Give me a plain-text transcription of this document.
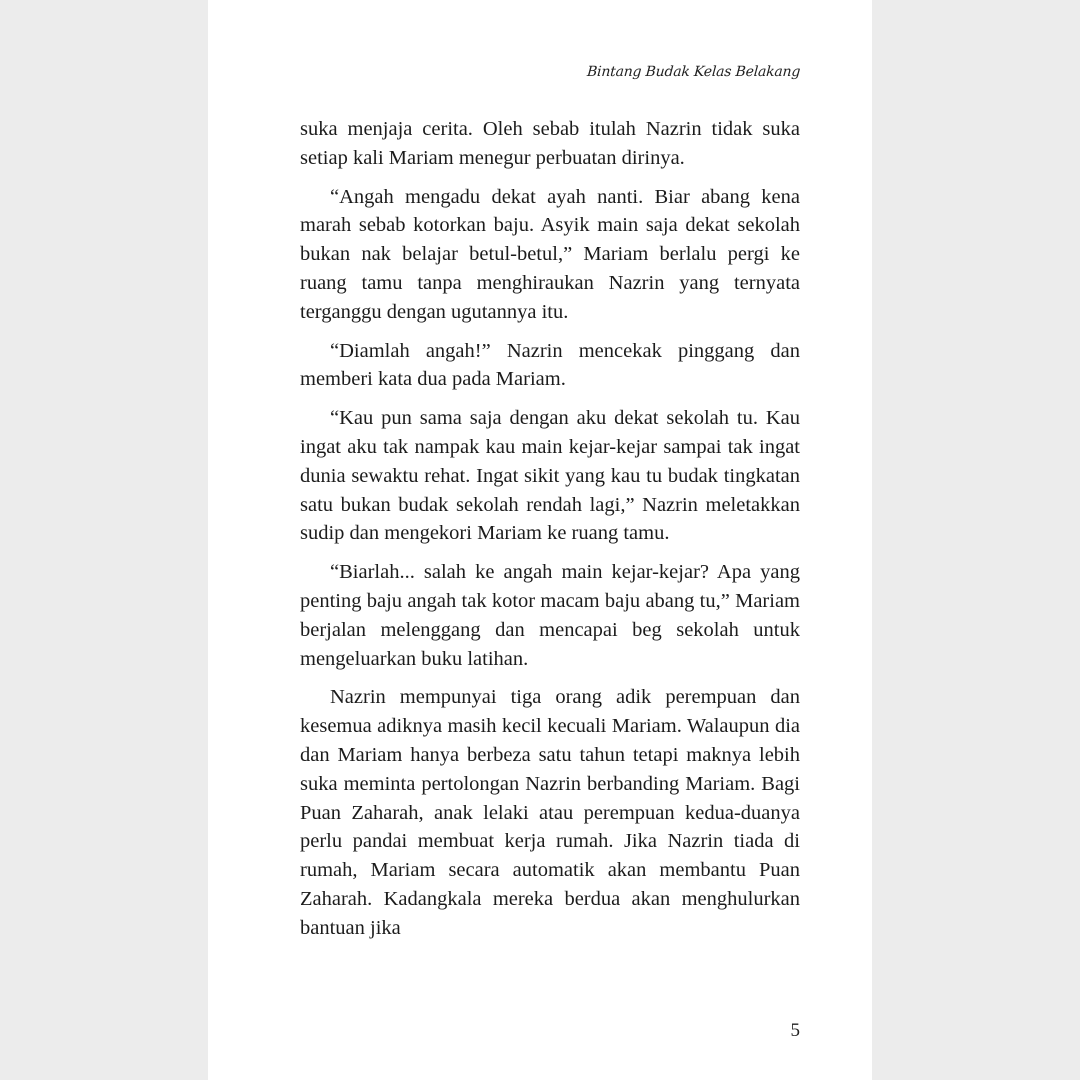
Bintang Budak Kelas Belakang

suka menjaja cerita. Oleh sebab itulah Nazrin tidak suka setiap kali Mariam menegur perbuatan dirinya.

“Angah mengadu dekat ayah nanti. Biar abang kena marah sebab kotorkan baju. Asyik main saja dekat sekolah bukan nak belajar betul-betul,” Mariam berlalu pergi ke ruang tamu tanpa menghiraukan Nazrin yang ternyata terganggu dengan ugutannya itu.

“Diamlah angah!” Nazrin mencekak pinggang dan memberi kata dua pada Mariam.

“Kau pun sama saja dengan aku dekat sekolah tu. Kau ingat aku tak nampak kau main kejar-kejar sampai tak ingat dunia sewaktu rehat. Ingat sikit yang kau tu budak tingkatan satu bukan budak sekolah rendah lagi,” Nazrin meletakkan sudip dan mengekori Mariam ke ruang tamu.

“Biarlah... salah ke angah main kejar-kejar? Apa yang penting baju angah tak kotor macam baju abang tu,” Mariam berjalan melenggang dan mencapai beg sekolah untuk mengeluarkan buku latihan.

Nazrin mempunyai tiga orang adik perempuan dan kesemua adiknya masih kecil kecuali Mariam. Walaupun dia dan Mariam hanya berbeza satu tahun tetapi maknya lebih suka meminta pertolongan Nazrin berbanding Mariam. Bagi Puan Zaharah, anak lelaki atau perempuan kedua-duanya perlu pandai membuat kerja rumah. Jika Nazrin tiada di rumah, Mariam secara automatik akan membantu Puan Zaharah. Kadangkala mereka berdua akan menghulurkan bantuan jika

5
